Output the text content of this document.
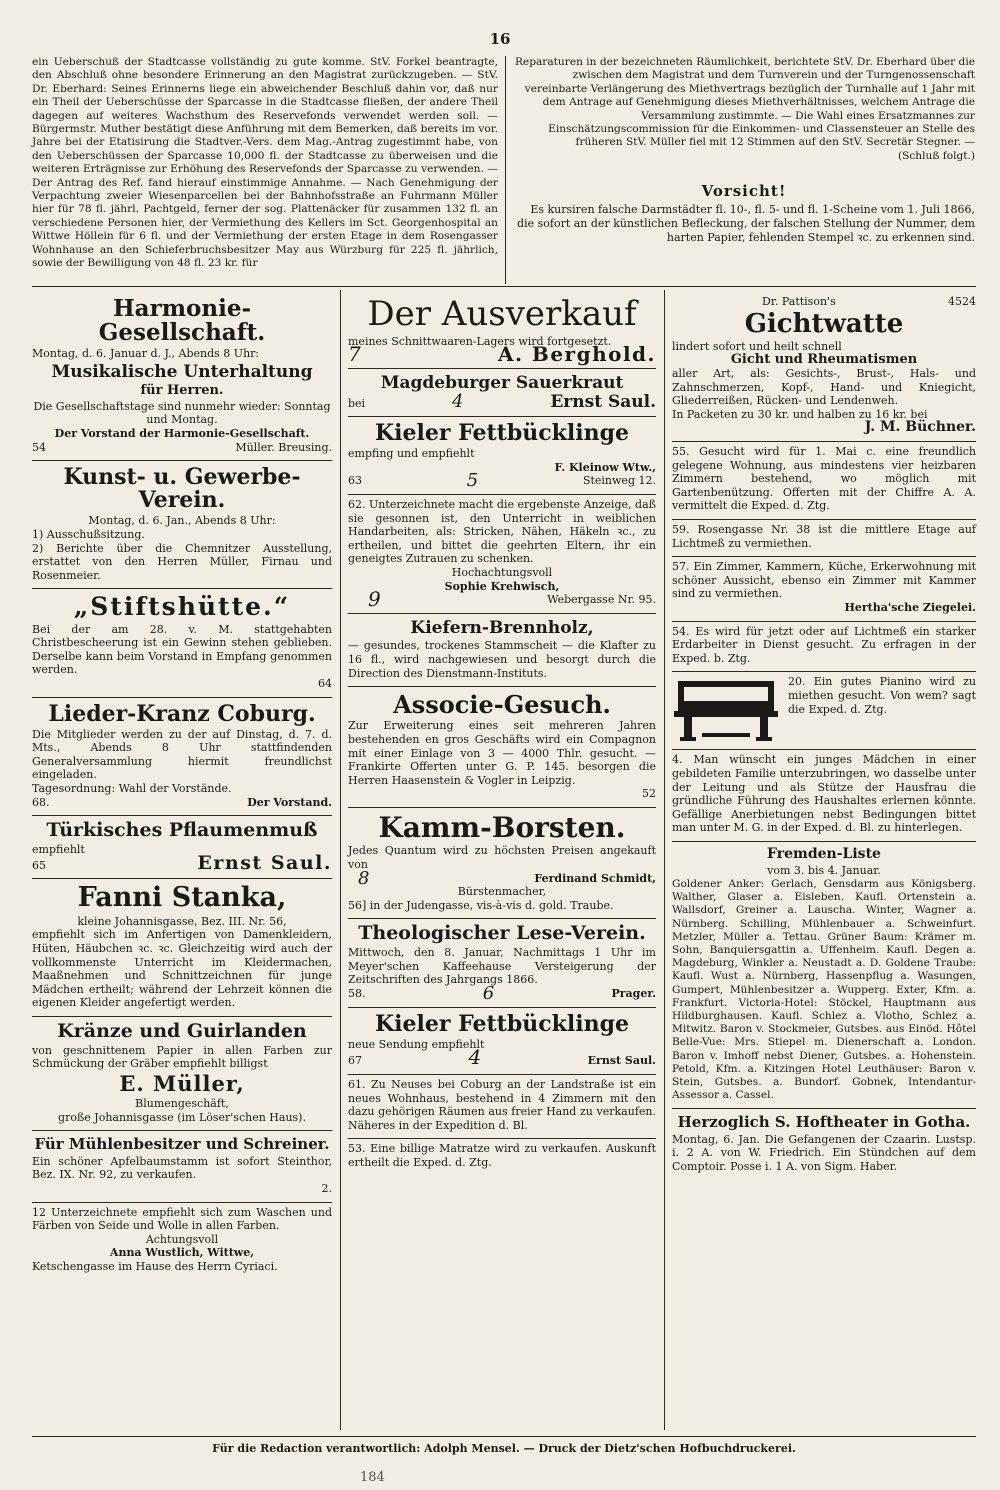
16

ein Ueberschuß der Stadtcasse vollständig zu gute komme. StV. Forkel beantragte, den Abschluß ohne besondere Erinnerung an den Magistrat zurückzugeben. — StV. Dr. Eberhard: Seines Erinnerns liege ein abweichender Beschluß dahin vor, daß nur ein Theil der Ueberschüsse der Sparcasse in die Stadtcasse fließen, der andere Theil dagegen auf weiteres Wachsthum des Reservefonds verwendet werden soll. — Bürgermstr. Muther bestätigt diese Anführung mit dem Bemerken, daß bereits im vor. Jahre bei der Etatisirung die Stadtver.-Vers. dem Mag.-Antrag zugestimmt habe, von den Ueberschüssen der Sparcasse 10,000 fl. der Stadtcasse zu überweisen und die weiteren Erträgnisse zur Erhöhung des Reservefonds der Sparcasse zu verwenden. — Der Antrag des Ref. fand hierauf einstimmige Annahme. — Nach Genehmigung der Verpachtung zweier Wiesenparcellen bei der Bahnhofsstraße an Fuhrmann Müller hier für 78 fl. jährl. Pachtgeld, ferner der sog. Plattenäcker für zusammen 132 fl. an verschiedene Personen hier, der Vermiethung des Kellers im Sct. Georgenhospital an Wittwe Höllein für 6 fl. und der Vermiethung der ersten Etage in dem Rosengasser Wohnhause an den Schieferbruchsbesitzer May aus Würzburg für 225 fl. jährlich, sowie der Bewilligung von 48 fl. 23 kr. für

Reparaturen in der bezeichneten Räumlichkeit, berichtete StV. Dr. Eberhard über die zwischen dem Magistrat und dem Turnverein und der Turngenossenschaft vereinbarte Verlängerung des Miethvertrags bezüglich der Turnhalle auf 1 Jahr mit dem Antrage auf Genehmigung dieses Miethverhältnisses, welchem Antrage die Versammlung zustimmte. — Die Wahl eines Ersatzmannes zur Einschätzungscommission für die Einkommen- und Classensteuer an Stelle des früheren StV. Müller fiel mit 12 Stimmen auf den StV. Secretär Stegner. —

(Schluß folgt.)

Vorsicht!

Es kursiren falsche Darmstädter fl. 10-, fl. 5- und fl. 1-Scheine vom 1. Juli 1866, die sofort an der künstlichen Befleckung, der falschen Stellung der Nummer, dem harten Papier, fehlenden Stempel ꝛc. zu erkennen sind.

Harmonie-Gesellschaft.

Montag, d. 6. Januar d. J., Abends 8 Uhr:

Musikalische Unterhaltung
für Herren.

Die Gesellschaftstage sind nunmehr wieder: Sonntag und Montag.

Der Vorstand der Harmonie-Gesellschaft.

54	Müller. Breusing.
Kunst- u. Gewerbe-Verein.

Montag, d. 6. Jan., Abends 8 Uhr:

1) Ausschußsitzung.

2) Berichte über die Chemnitzer Ausstellung, erstattet von den Herren Müller, Firnau und Rosenmeier.

„Stiftshütte.“

Bei der am 28. v. M. stattgehabten Christbescheerung ist ein Gewinn stehen geblieben. Derselbe kann beim Vorstand in Empfang genommen werden.

64

Lieder-Kranz Coburg.

Die Mitglieder werden zu der auf Dinstag, d. 7. d. Mts., Abends 8 Uhr stattfindenden Generalversammlung hiermit freundlichst eingeladen.

Tagesordnung: Wahl der Vorstände.

68.	Der Vorstand.
Türkisches Pflaumenmuß

empfiehlt

65	Ernst Saul.
Fanni Stanka,

kleine Johannisgasse, Bez. III. Nr. 56,

empfiehlt sich im Anfertigen von Damenkleidern, Hüten, Häubchen ꝛc. ꝛc. Gleichzeitig wird auch der vollkommenste Unterricht im Kleidermachen, Maaßnehmen und Schnittzeichnen für junge Mädchen ertheilt; während der Lehrzeit können die eigenen Kleider angefertigt werden.

Kränze und Guirlanden

von geschnittenem Papier in allen Farben zur Schmückung der Gräber empfiehlt billigst

E. Müller,

Blumengeschäft,

große Johannisgasse (im Löser'schen Haus).

Für Mühlenbesitzer und Schreiner.

Ein schöner Apfelbaumstamm ist sofort Steinthor, Bez. IX. Nr. 92, zu verkaufen.

2.

12 Unterzeichnete empfiehlt sich zum Waschen und Färben von Seide und Wolle in allen Farben.

Achtungsvoll

Anna Wustlich, Wittwe,

Ketschengasse im Hause des Herrn Cyriaci.

Der Ausverkauf

meines Schnittwaaren-Lagers wird fortgesetzt.

7	A. Berghold.
Magdeburger Sauerkraut
bei	4	Ernst Saul.
Kieler Fettbücklinge

empfing und empfiehlt

F. Kleinow Wtw.,

63	5	Steinweg 12.

62. Unterzeichnete macht die ergebenste Anzeige, daß sie gesonnen ist, den Unterricht in weiblichen Handarbeiten, als: Stricken, Nähen, Häkeln ꝛc., zu ertheilen, und bittet die geehrten Eltern, ihr ein geneigtes Zutrauen zu schenken.

Hochachtungsvoll

Sophie Krehwisch,

9	Webergasse Nr. 95.
Kiefern-Brennholz,

— gesundes, trockenes Stammscheit — die Klafter zu 16 fl., wird nachgewiesen und besorgt durch die Direction des Dienstmann-Instituts.

Associe-Gesuch.

Zur Erweiterung eines seit mehreren Jahren bestehenden en gros Geschäfts wird ein Compagnon mit einer Einlage von 3 — 4000 Thlr. gesucht. — Frankirte Offerten unter G. P. 145. besorgen die Herren Haasenstein & Vogler in Leipzig.

52

Kamm-Borsten.

Jedes Quantum wird zu höchsten Preisen angekauft von

8	Ferdinand Schmidt,

Bürstenmacher,

56] in der Judengasse, vis-à-vis d. gold. Traube.

Theologischer Lese-Verein.

Mittwoch, den 8. Januar, Nachmittags 1 Uhr im Meyer'schen Kaffeehause Versteigerung der Zeitschriften des Jahrgangs 1866.

58.	6	Prager.
Kieler Fettbücklinge

neue Sendung empfiehlt

67	4	Ernst Saul.

61. Zu Neuses bei Coburg an der Landstraße ist ein neues Wohnhaus, bestehend in 4 Zimmern mit den dazu gehörigen Räumen aus freier Hand zu verkaufen. Näheres in der Expedition d. Bl.

53. Eine billige Matratze wird zu verkaufen. Auskunft ertheilt die Exped. d. Ztg.

Dr. Pattison's	4524
Gichtwatte

lindert sofort und heilt schnell

Gicht und Rheumatismen

aller Art, als: Gesichts-, Brust-, Hals- und Zahnschmerzen, Kopf-, Hand- und Kniegicht, Gliederreißen, Rücken- und Lendenweh.

In Packeten zu 30 kr. und halben zu 16 kr. bei

J. M. Büchner.

55. Gesucht wird für 1. Mai c. eine freundlich gelegene Wohnung, aus mindestens vier heizbaren Zimmern bestehend, wo möglich mit Gartenbenützung. Offerten mit der Chiffre A. A. vermittelt die Exped. d. Ztg.

59. Rosengasse Nr. 38 ist die mittlere Etage auf Lichtmeß zu vermiethen.

57. Ein Zimmer, Kammern, Küche, Erkerwohnung mit schöner Aussicht, ebenso ein Zimmer mit Kammer sind zu vermiethen.

Hertha'sche Ziegelei.

54. Es wird für jetzt oder auf Lichtmeß ein starker Erdarbeiter in Dienst gesucht. Zu erfragen in der Exped. b. Ztg.

20. Ein gutes Pianino wird zu miethen gesucht. Von wem? sagt die Exped. d. Ztg.

4. Man wünscht ein junges Mädchen in einer gebildeten Familie unterzubringen, wo dasselbe unter der Leitung und als Stütze der Hausfrau die gründliche Führung des Haushaltes erlernen könnte. Gefällige Anerbietungen nebst Bedingungen bittet man unter M. G. in der Exped. d. Bl. zu hinterlegen.

Fremden-Liste

vom 3. bis 4. Januar.

Goldener Anker: Gerlach, Gensdarm aus Königsberg. Walther, Glaser a. Eisleben. Kaufl. Ortenstein a. Wallsdorf, Greiner a. Lauscha. Winter, Wagner a. Nürnberg. Schilling, Mühlenbauer a. Schweinfurt. Metzler, Müller a. Tettau. Grüner Baum: Krämer m. Sohn, Banquiersgattin a. Uffenheim. Kaufl. Degen a. Magdeburg, Winkler a. Neustadt a. D. Goldene Traube: Kaufl. Wust a. Nürnberg, Hassenpflug a. Wasungen, Gumpert, Mühlenbesitzer a. Wupperg. Exter, Kfm. a. Frankfurt. Victoria-Hotel: Stöckel, Hauptmann aus Hildburghausen. Kaufl. Schlez a. Vlotho, Schlez a. Mitwitz. Baron v. Stockmeier, Gutsbes. aus Einöd. Hôtel Belle-Vue: Mrs. Stiepel m. Dienerschaft a. London. Baron v. Imhoff nebst Diener, Gutsbes. a. Hohenstein. Petold, Kfm. a. Kitzingen Hotel Leuthäuser: Baron v. Stein, Gutsbes. a. Bundorf. Gobnek, Intendantur-Assessor a. Cassel.

Herzoglich S. Hoftheater in Gotha.

Montag, 6. Jan. Die Gefangenen der Czaarin. Lustsp. i. 2 A. von W. Friedrich. Ein Stündchen auf dem Comptoir. Posse i. 1 A. von Sigm. Haber.

Für die Redaction verantwortlich: Adolph Mensel. — Druck der Dietz'schen Hofbuchdruckerei.
184
